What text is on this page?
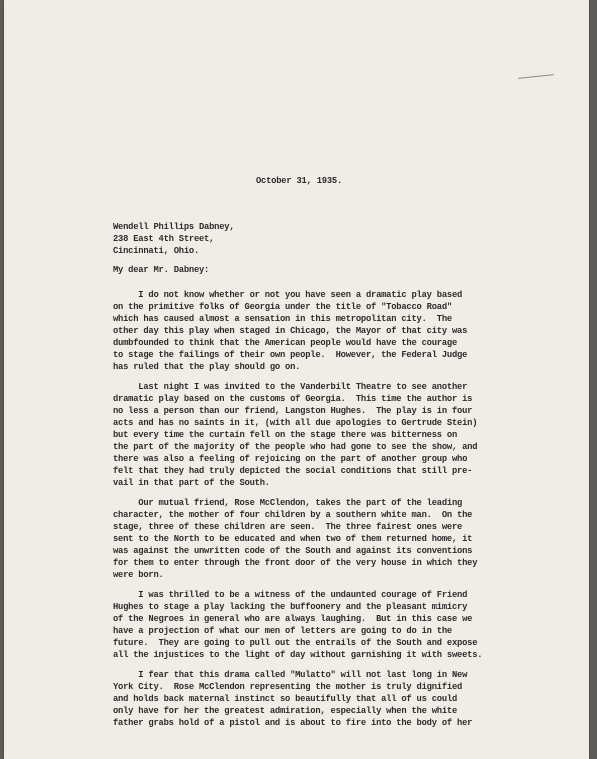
October 31, 1935.

Wendell Phillips Dabney,

238 East 4th Street,

Cincinnati, Ohio.

My dear Mr. Dabney:

I do not know whether or not you have seen a dramatic play based

on the primitive folks of Georgia under the title of "Tobacco Road"

which has caused almost a sensation in this metropolitan city.  The

other day this play when staged in Chicago, the Mayor of that city was

dumbfounded to think that the American people would have the courage

to stage the failings of their own people.  However, the Federal Judge

has ruled that the play should go on.

Last night I was invited to the Vanderbilt Theatre to see another

dramatic play based on the customs of Georgia.  This time the author is

no less a person than our friend, Langston Hughes.  The play is in four

acts and has no saints in it, (with all due apologies to Gertrude Stein)

but every time the curtain fell on the stage there was bitterness on

the part of the majority of the people who had gone to see the show, and

there was also a feeling of rejoicing on the part of another group who

felt that they had truly depicted the social conditions that still pre-

vail in that part of the South.

Our mutual friend, Rose McClendon, takes the part of the leading

character, the mother of four children by a southern white man.  On the

stage, three of these children are seen.  The three fairest ones were

sent to the North to be educated and when two of them returned home, it

was against the unwritten code of the South and against its conventions

for them to enter through the front door of the very house in which they

were born.

I was thrilled to be a witness of the undaunted courage of Friend

Hughes to stage a play lacking the buffoonery and the pleasant mimicry

of the Negroes in general who are always laughing.  But in this case we

have a projection of what our men of letters are going to do in the

future.  They are going to pull out the entrails of the South and expose

all the injustices to the light of day without garnishing it with sweets.

I fear that this drama called "Mulatto" will not last long in New

York City.  Rose McClendon representing the mother is truly dignified

and holds back maternal instinct so beautifully that all of us could

only have for her the greatest admiration, especially when the white

father grabs hold of a pistol and is about to fire into the body of her
